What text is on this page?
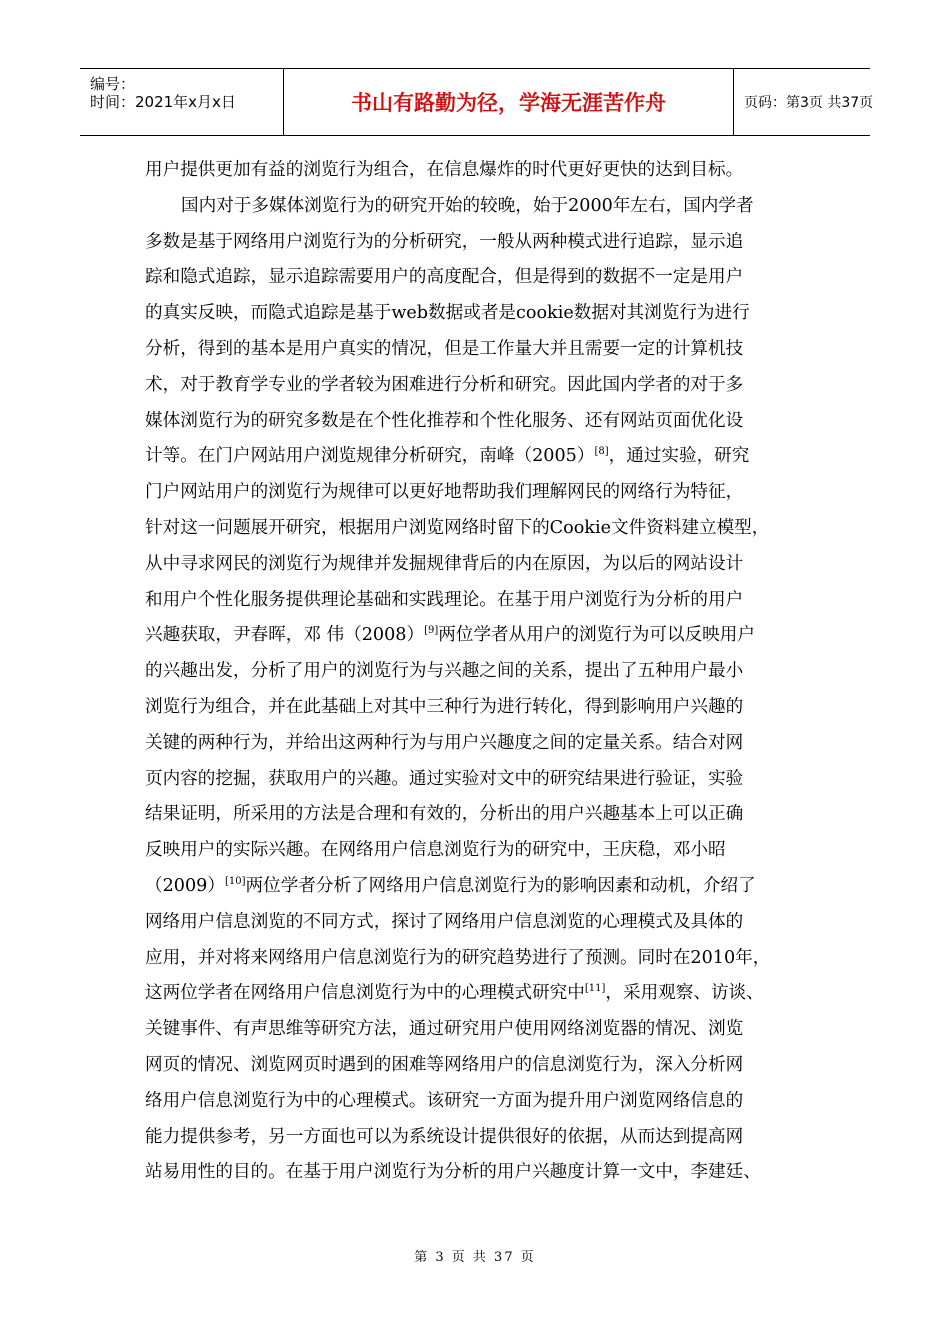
编号：
时间：2021年x月x日	书山有路勤为径，学海无涯苦作舟	页码：第3页 共37页
用户提供更加有益的浏览行为组合，在信息爆炸的时代更好更快的达到目标。
国内对于多媒体浏览行为的研究开始的较晚，始于2000年左右，国内学者
多数是基于网络用户浏览行为的分析研究，一般从两种模式进行追踪，显示追
踪和隐式追踪，显示追踪需要用户的高度配合，但是得到的数据不一定是用户
的真实反映，而隐式追踪是基于web数据或者是cookie数据对其浏览行为进行
分析，得到的基本是用户真实的情况，但是工作量大并且需要一定的计算机技
术，对于教育学专业的学者较为困难进行分析和研究。因此国内学者的对于多
媒体浏览行为的研究多数是在个性化推荐和个性化服务、还有网站页面优化设
计等。在门户网站用户浏览规律分析研究，南峰（2005）[8]，通过实验，研究
门户网站用户的浏览行为规律可以更好地帮助我们理解网民的网络行为特征，
针对这一问题展开研究，根据用户浏览网络时留下的Cookie文件资料建立模型，
从中寻求网民的浏览行为规律并发掘规律背后的内在原因，为以后的网站设计
和用户个性化服务提供理论基础和实践理论。在基于用户浏览行为分析的用户
兴趣获取，尹春晖，邓 伟（2008）[9]两位学者从用户的浏览行为可以反映用户
的兴趣出发，分析了用户的浏览行为与兴趣之间的关系，提出了五种用户最小
浏览行为组合，并在此基础上对其中三种行为进行转化，得到影响用户兴趣的
关键的两种行为，并给出这两种行为与用户兴趣度之间的定量关系。结合对网
页内容的挖掘，获取用户的兴趣。通过实验对文中的研究结果进行验证，实验
结果证明，所采用的方法是合理和有效的，分析出的用户兴趣基本上可以正确
反映用户的实际兴趣。在网络用户信息浏览行为的研究中，王庆稳，邓小昭
（2009）[10]两位学者分析了网络用户信息浏览行为的影响因素和动机，介绍了
网络用户信息浏览的不同方式，探讨了网络用户信息浏览的心理模式及具体的
应用，并对将来网络用户信息浏览行为的研究趋势进行了预测。同时在2010年，
这两位学者在网络用户信息浏览行为中的心理模式研究中[11]，采用观察、访谈、
关键事件、有声思维等研究方法，通过研究用户使用网络浏览器的情况、浏览
网页的情况、浏览网页时遇到的困难等网络用户的信息浏览行为，深入分析网
络用户信息浏览行为中的心理模式。该研究一方面为提升用户浏览网络信息的
能力提供参考，另一方面也可以为系统设计提供很好的依据，从而达到提高网
站易用性的目的。在基于用户浏览行为分析的用户兴趣度计算一文中，李建廷、
第 3 页 共 37 页
